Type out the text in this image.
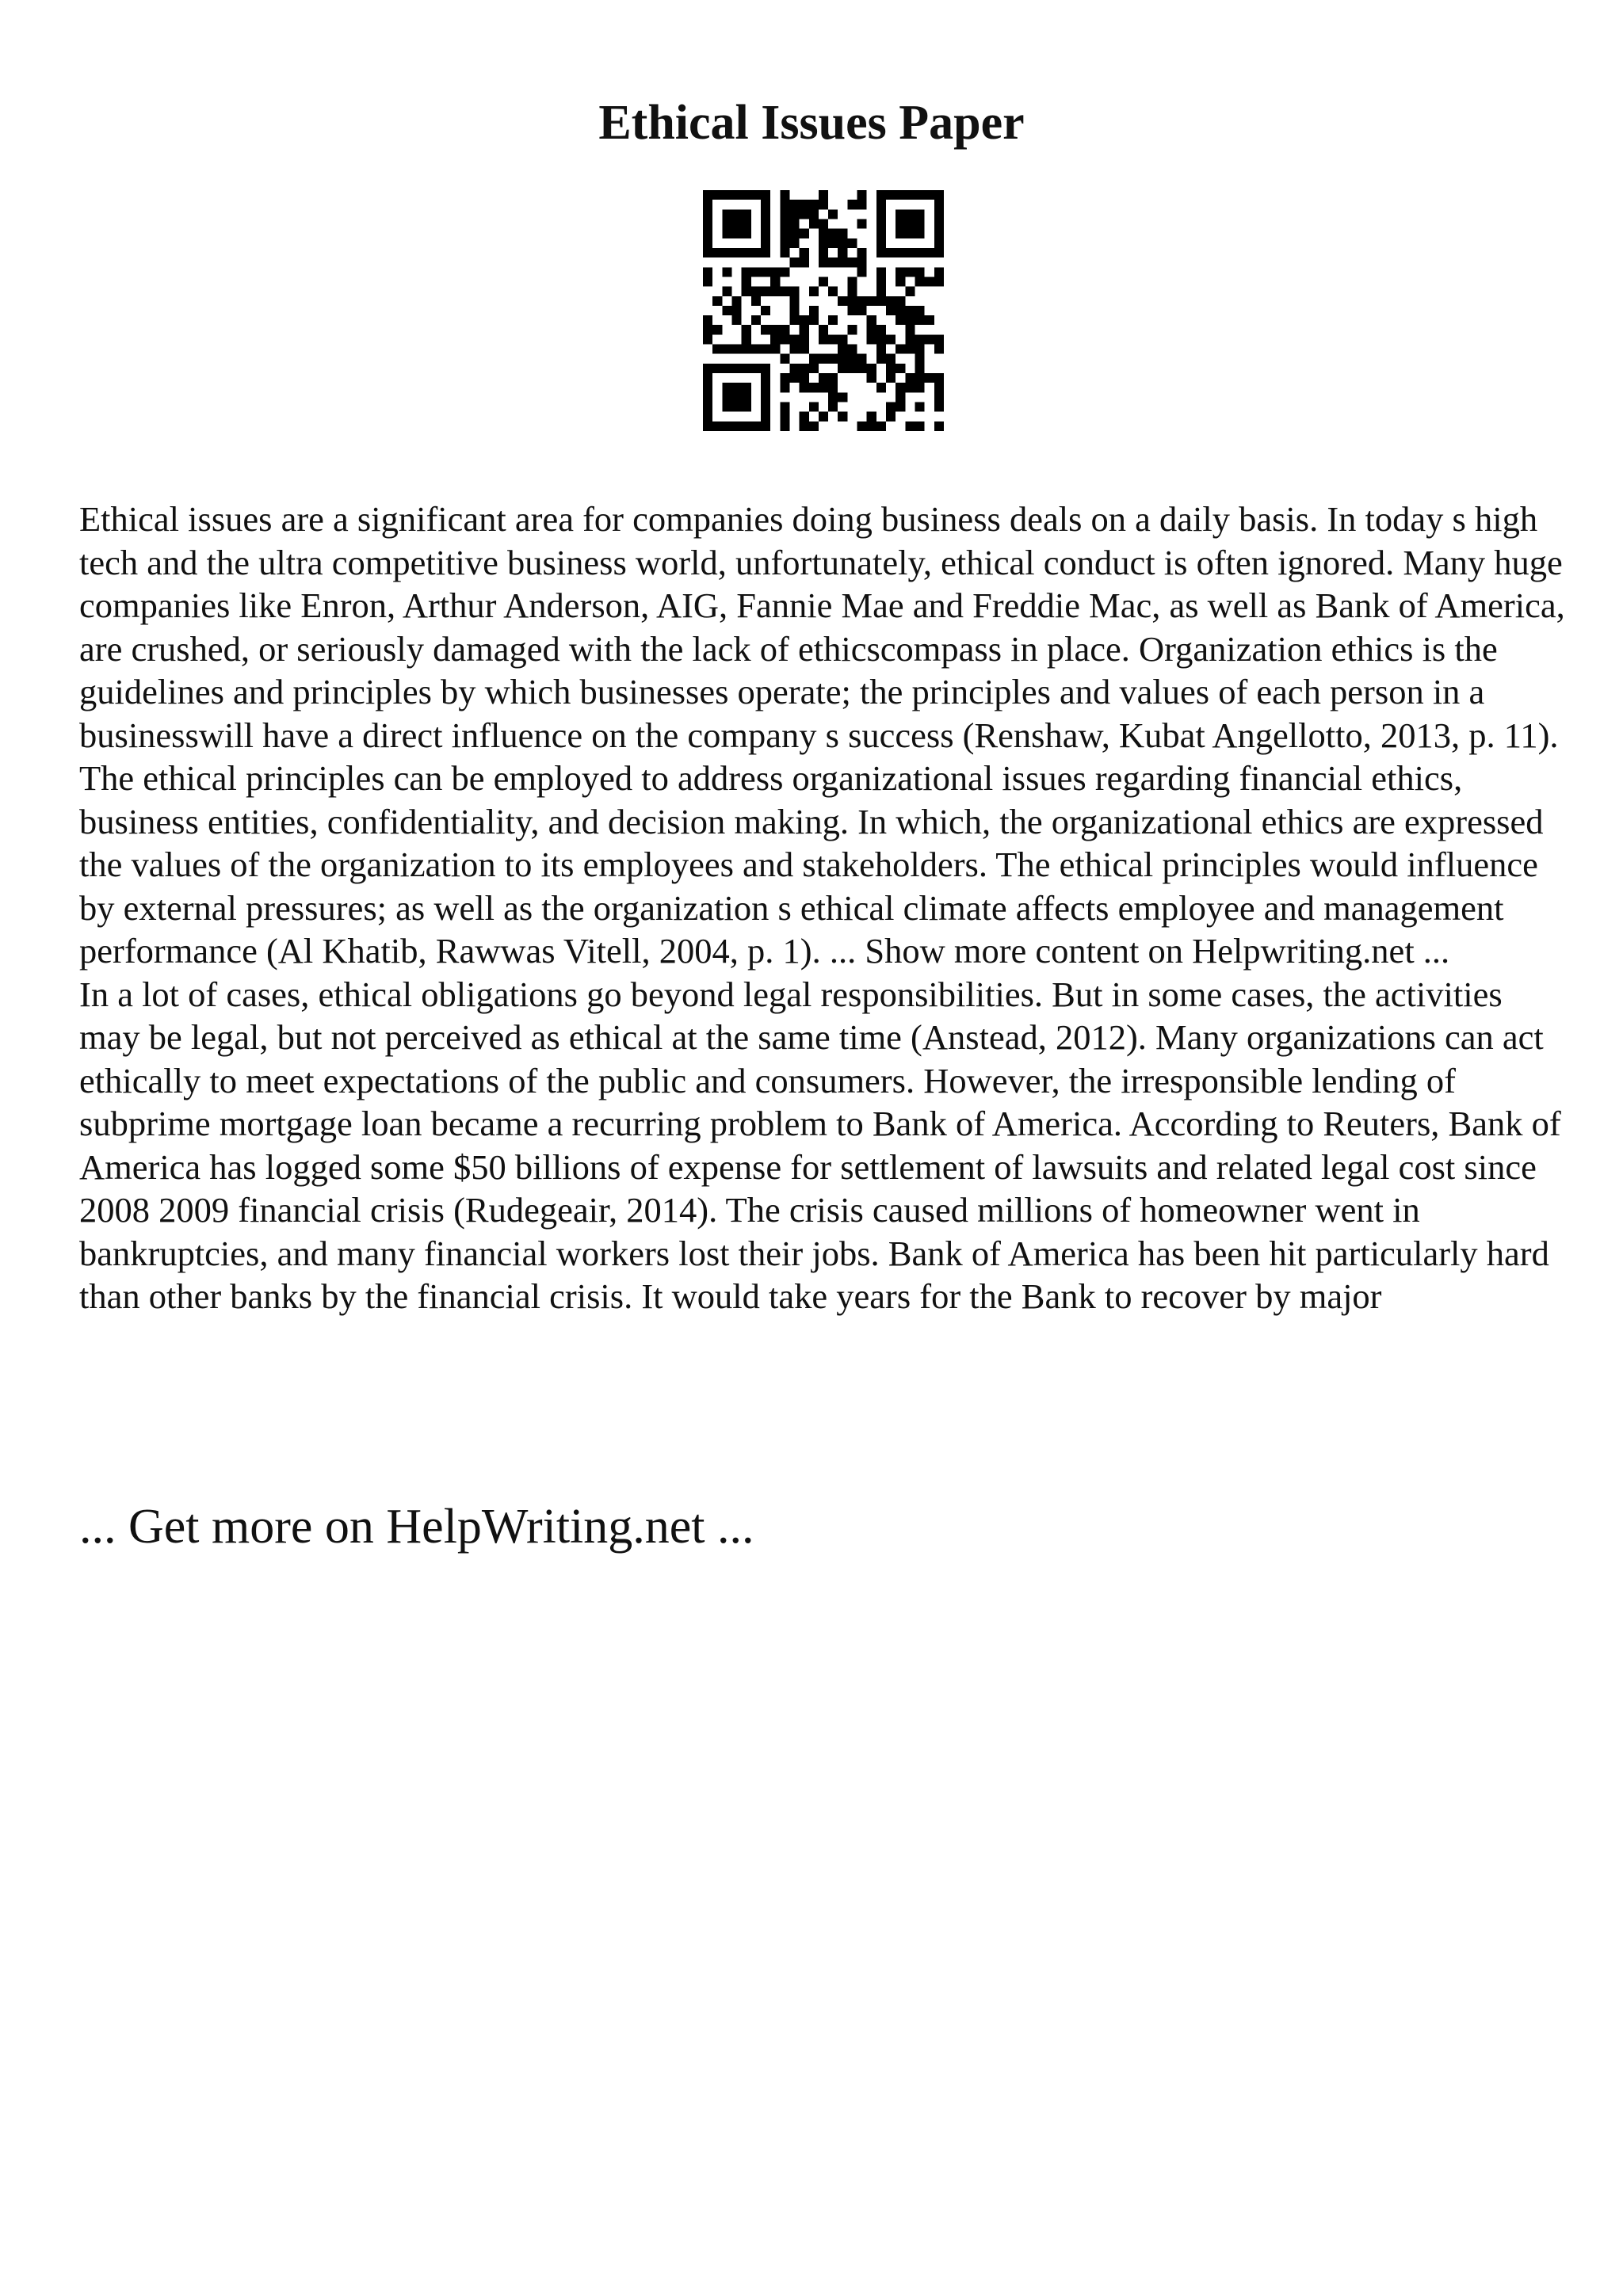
Ethical Issues Paper

Ethical issues are a significant area for companies doing business deals on a daily basis. In today s high tech and the ultra competitive business world, unfortunately, ethical conduct is often ignored. Many huge companies like Enron, Arthur Anderson, AIG, Fannie Mae and Freddie Mac, as well as Bank of America, are crushed, or seriously damaged with the lack of ethicscompass in place. Organization ethics is the guidelines and principles by which businesses operate; the principles and values of each person in a businesswill have a direct influence on the company s success (Renshaw, Kubat Angellotto, 2013, p. 11).

The ethical principles can be employed to address organizational issues regarding financial ethics, business entities, confidentiality, and decision making. In which, the organizational ethics are expressed the values of the organization to its employees and stakeholders. The ethical principles would influence by external pressures; as well as the organization s ethical climate affects employee and management performance (Al Khatib, Rawwas Vitell, 2004, p. 1). ... Show more content on Helpwriting.net ...

In a lot of cases, ethical obligations go beyond legal responsibilities. But in some cases, the activities may be legal, but not perceived as ethical at the same time (Anstead, 2012). Many organizations can act ethically to meet expectations of the public and consumers. However, the irresponsible lending of subprime mortgage loan became a recurring problem to Bank of America. According to Reuters, Bank of America has logged some $50 billions of expense for settlement of lawsuits and related legal cost since 2008 2009 financial crisis (Rudegeair, 2014). The crisis caused millions of homeowner went in bankruptcies, and many financial workers lost their jobs. Bank of America has been hit particularly hard than other banks by the financial crisis. It would take years for the Bank to recover by major

... Get more on HelpWriting.net ...
